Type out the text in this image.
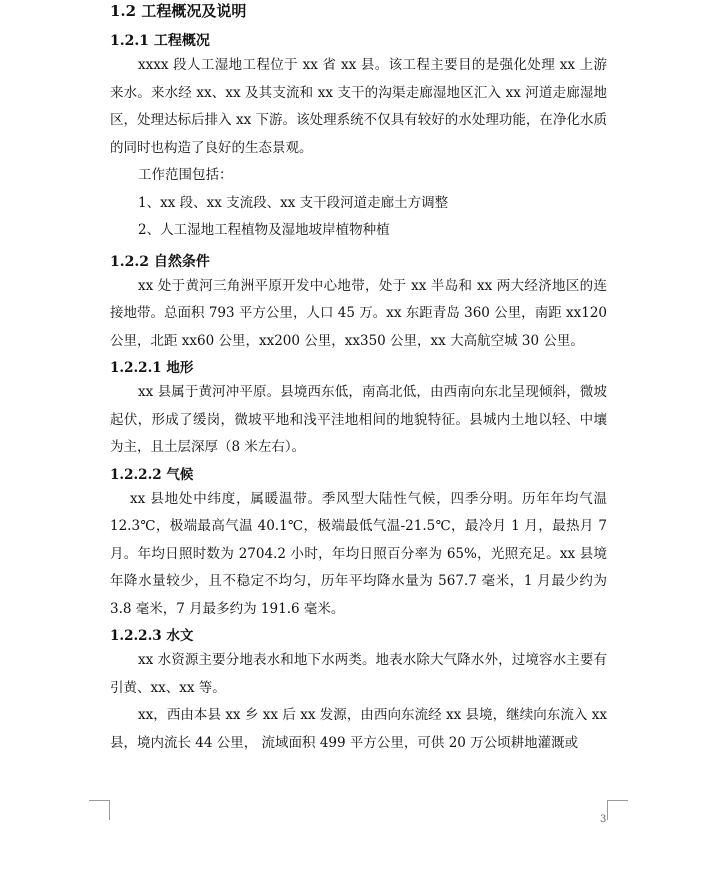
1.2 工程概况及说明
1.2.1 工程概况

xxxx 段人工湿地工程位于 xx 省 xx 县。该工程主要目的是强化处理 xx 上游来水。来水经 xx、xx 及其支流和 xx 支干的沟渠走廊湿地区汇入 xx 河道走廊湿地区，处理达标后排入 xx 下游。该处理系统不仅具有较好的水处理功能，在净化水质的同时也构造了良好的生态景观。

工作范围包括：

1、xx 段、xx 支流段、xx 支干段河道走廊土方调整

2、人工湿地工程植物及湿地坡岸植物种植

1.2.2 自然条件

xx 处于黄河三角洲平原开发中心地带，处于 xx 半岛和 xx 两大经济地区的连接地带。总面积 793 平方公里，人口 45 万。xx 东距青岛 360 公里，南距 xx120 公里，北距 xx60 公里，xx200 公里，xx350 公里，xx 大高航空城 30 公里。

1.2.2.1 地形

xx 县属于黄河冲平原。县境西东低，南高北低，由西南向东北呈现倾斜，微坡起伏，形成了缓岗，微坡平地和浅平洼地相间的地貌特征。县城内土地以轻、中壤为主，且土层深厚（8 米左右）。

1.2.2.2 气候

xx 县地处中纬度，属暖温带。季风型大陆性气候，四季分明。历年年均气温 12.3℃，极端最高气温 40.1℃，极端最低气温-21.5℃，最冷月 1 月，最热月 7 月。年均日照时数为 2704.2 小时，年均日照百分率为 65%，光照充足。xx 县境年降水量较少，且不稳定不均匀，历年平均降水量为 567.7 毫米，1 月最少约为 3.8 毫米，7 月最多约为 191.6 毫米。

1.2.2.3 水文

xx 水资源主要分地表水和地下水两类。地表水除大气降水外，过境容水主要有引黄、xx、xx 等。

xx，西由本县 xx 乡 xx 后 xx 发源，由西向东流经 xx 县境，继续向东流入 xx 县，境内流长 44 公里， 流域面积 499 平方公里，可供 20 万公顷耕地灌溉或

3
